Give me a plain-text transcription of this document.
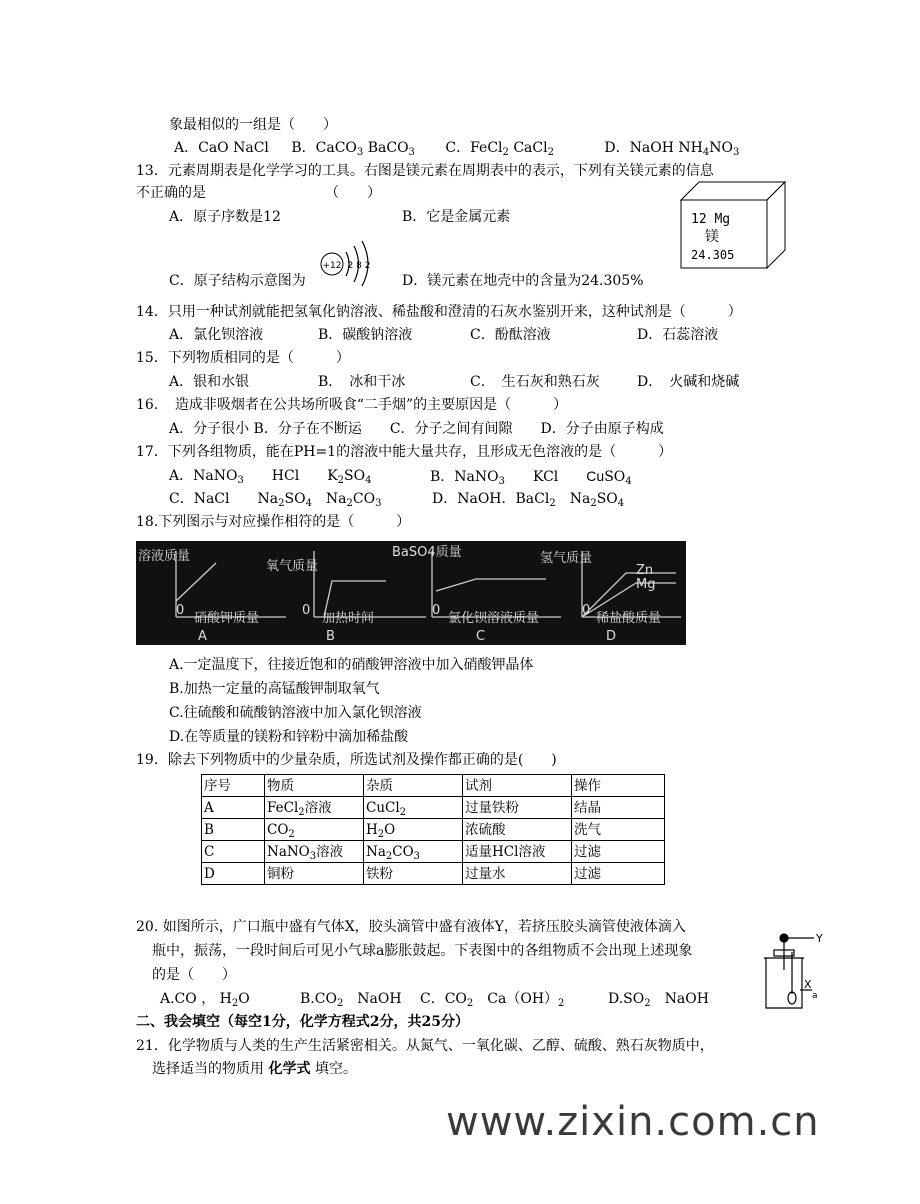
象最相似的一组是（　　）
A．CaO NaCl B．CaCO$_3$ BaCO$_3$ C．FeCl$_2$ CaCl$_2$	D．NaOH $NH_4NO_3$
13．元素周期表是化学学习的工具。右图是镁元素在周期表中的表示，下列有关镁元素的信息
不正确的是　　　　　　　　　（　　）
A．原子序数是12	B．它是金属元素
C．原子结构示意图为	D．镁元素在地壳中的含量为24.305%
+12 2 8 2
12 Mg
镁
24.305
14．只用一种试剂就能把氢氧化钠溶液、稀盐酸和澄清的石灰水鉴别开来，这种试剂是（　　　）
A．氯化钡溶液	B．碳酸钠溶液	C．酚酞溶液	D．石蕊溶液
15．下列物质相同的是（　　　）
A．银和水银	B．　冰和干冰	C．　生石灰和熟石灰	D．　火碱和烧碱
16．　造成非吸烟者在公共场所吸食“二手烟”的主要原因是（　　　）
A．分子很小 B．分子在不断运　　C．分子之间有间隙　　D．分子由原子构成
17．下列各组物质，能在PH=1的溶液中能大量共存，且形成无色溶液的是（　　　）
A．NaNO$_3$　　HCl　　$K_2SO_4$	B．NaNO$_3$　　KCl　　CuSO$_4$
C．NaCl　　$Na_2SO_4$　$Na_2CO_3$	D．NaOH．BaCl$_2$　$Na_2SO_4$
18.下列图示与对应操作相符的是（　　　）
www.zixin.com.cn
溶液质量
0
硝酸钾质量
A
氧气质量
0
加热时间
B
BaSO4质量
0
氯化钡溶液质量
C
氢气质量
Zn
Mg
0
稀盐酸质量
D
A.一定温度下，往接近饱和的硝酸钾溶液中加入硝酸钾晶体
B.加热一定量的高锰酸钾制取氧气
C.往硫酸和硫酸钠溶液中加入氯化钡溶液
D.在等质量的镁粉和锌粉中滴加稀盐酸
19．除去下列物质中的少量杂质，所选试剂及操作都正确的是(　　)
序号	物质	杂质	试剂	操作
A	FeCl$_2$溶液	CuCl$_2$	过量铁粉	结晶
B	$CO_2$	$H_2O$	浓硫酸	洗气
C	NaNO$_3$溶液	$Na_2CO_3$	适量HCl溶液	过滤
D	铜粉	铁粉	过量水	过滤
20. 如图所示，广口瓶中盛有气体X，胶头滴管中盛有液体Y，若挤压胶头滴管使液体滴入
瓶中，振荡，一段时间后可见小气球a膨胀鼓起。下表图中的各组物质不会出现上述现象
的是（　　）
A.CO ， $H_2O$	$B.CO_2$　NaOH C．$CO_2$　$Ca(OH)_2$	$D.SO_2$　NaOH
Y
X
a
二、我会填空（每空1分，化学方程式2分，共25分）
21．化学物质与人类的生产生活紧密相关。从氮气、一氧化碳、乙醇、硫酸、熟石灰物质中，
选择适当的物质用 化学式 填空。
